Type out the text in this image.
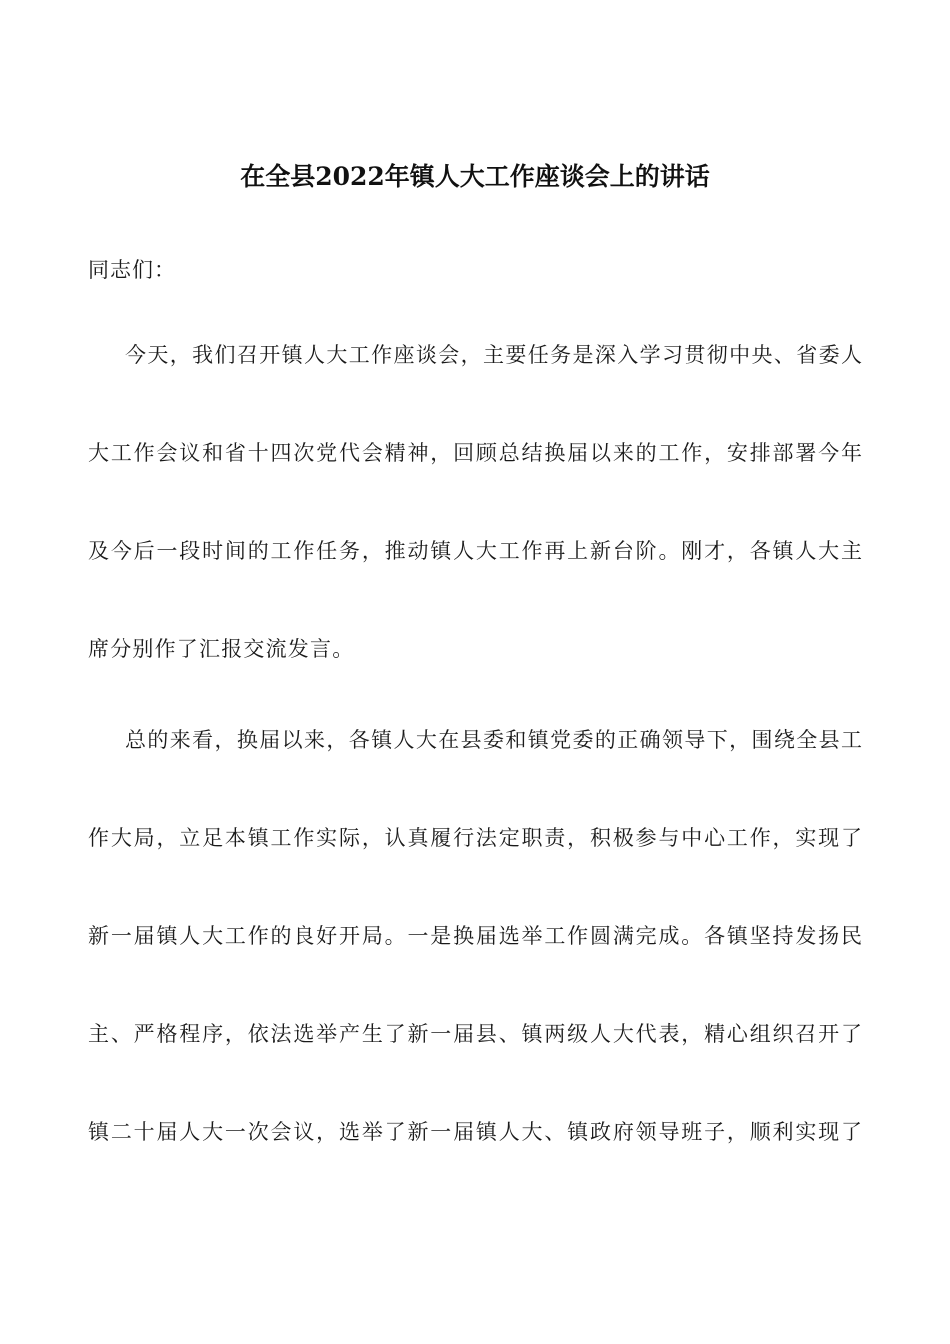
在全县2022年镇人大工作座谈会上的讲话
同志们：
今天，我们召开镇人大工作座谈会，主要任务是深入学习贯彻中央、省委人
大工作会议和省十四次党代会精神，回顾总结换届以来的工作，安排部署今年
及今后一段时间的工作任务，推动镇人大工作再上新台阶。刚才，各镇人大主
席分别作了汇报交流发言。
总的来看，换届以来，各镇人大在县委和镇党委的正确领导下，围绕全县工
作大局，立足本镇工作实际，认真履行法定职责，积极参与中心工作，实现了
新一届镇人大工作的良好开局。一是换届选举工作圆满完成。各镇坚持发扬民
主、严格程序，依法选举产生了新一届县、镇两级人大代表，精心组织召开了
镇二十届人大一次会议，选举了新一届镇人大、镇政府领导班子，顺利实现了
